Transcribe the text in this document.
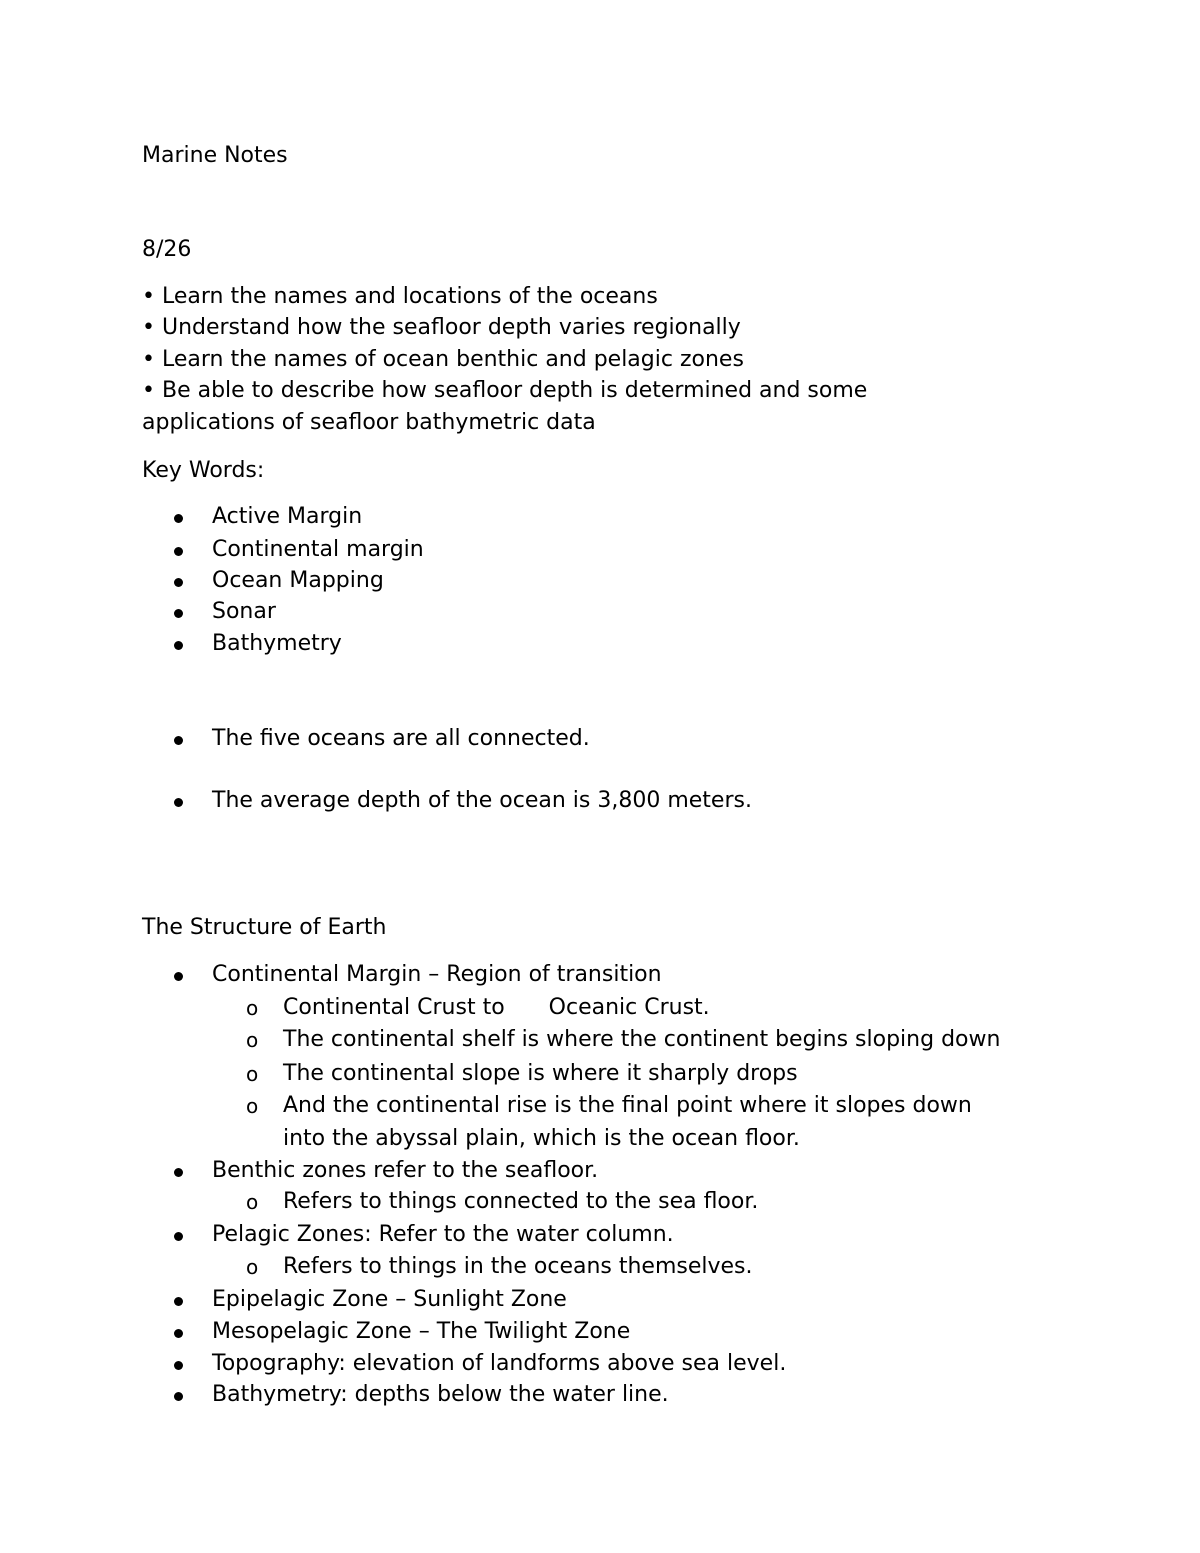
Marine Notes
8/26
• Learn the names and locations of the oceans
• Understand how the seafloor depth varies regionally
• Learn the names of ocean benthic and pelagic zones
• Be able to describe how seafloor depth is determined and some
applications of seafloor bathymetric data
Key Words:
Active Margin
Continental margin
Ocean Mapping
Sonar
Bathymetry
The five oceans are all connected.
The average depth of the ocean is 3,800 meters.
The Structure of Earth
Continental Margin – Region of transition
o Continental Crust to Oceanic Crust.
o The continental shelf is where the continent begins sloping down
o The continental slope is where it sharply drops
o And the continental rise is the final point where it slopes down
into the abyssal plain, which is the ocean floor.
Benthic zones refer to the seafloor.
o Refers to things connected to the sea floor.
Pelagic Zones: Refer to the water column.
o Refers to things in the oceans themselves.
Epipelagic Zone – Sunlight Zone
Mesopelagic Zone – The Twilight Zone
Topography: elevation of landforms above sea level.
Bathymetry: depths below the water line.
